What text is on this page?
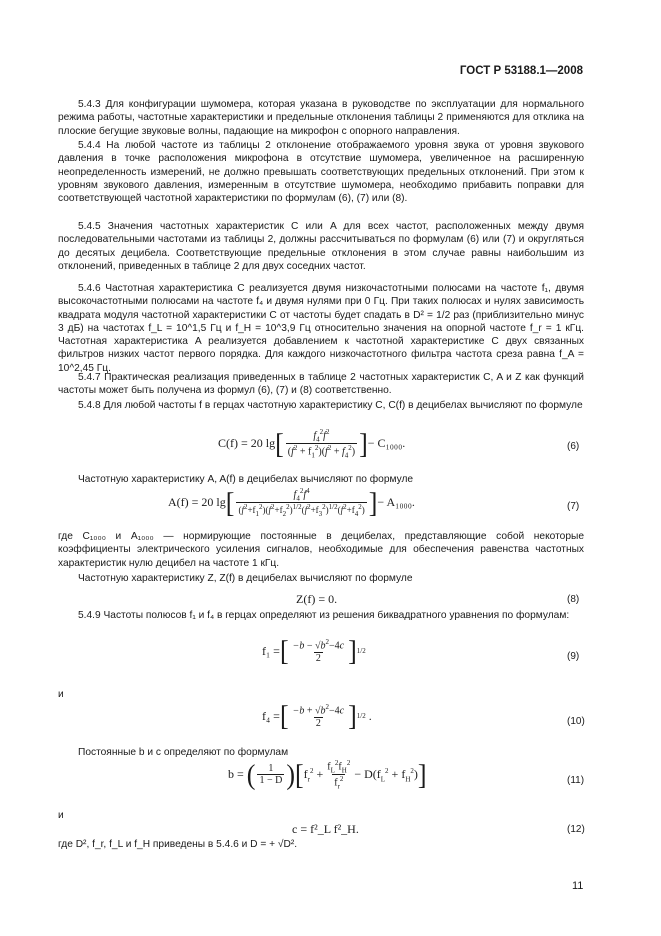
ГОСТ Р 53188.1—2008

5.4.3 Для конфигурации шумомера, которая указана в руководстве по эксплуатации для нормального режима работы, частотные характеристики и предельные отклонения таблицы 2 применяются для отклика на плоские бегущие звуковые волны, падающие на микрофон с опорного направления.

5.4.4 На любой частоте из таблицы 2 отклонение отображаемого уровня звука от уровня звукового давления в точке расположения микрофона в отсутствие шумомера, увеличенное на расширенную неопределенность измерений, не должно превышать соответствующих предельных отклонений. При этом к уровням звукового давления, измеренным в отсутствие шумомера, необходимо прибавить поправки для соответствующей частотной характеристики по формулам (6), (7) или (8).

5.4.5 Значения частотных характеристик C или A для всех частот, расположенных между двумя последовательными частотами из таблицы 2, должны рассчитываться по формулам (6) или (7) и округляться до десятых децибела. Соответствующие предельные отклонения в этом случае равны наибольшим из отклонений, приведенных в таблице 2 для двух соседних частот.

5.4.6 Частотная характеристика C реализуется двумя низкочастотными полюсами на частоте f₁, двумя высокочастотными полюсами на частоте f₄ и двумя нулями при 0 Гц. При таких полюсах и нулях зависимость квадрата модуля частотной характеристики C от частоты будет спадать в D² = 1/2 раз (приблизительно минус 3 дБ) на частотах f_L = 10^1,5 Гц и f_H = 10^3,9 Гц относительно значения на опорной частоте f_r = 1 кГц. Частотная характеристика A реализуется добавлением к частотной характеристике C двух связанных фильтров низких частот первого порядка. Для каждого низкочастотного фильтра частота среза равна f_A = 10^2,45 Гц.

5.4.7 Практическая реализация приведенных в таблице 2 частотных характеристик C, A и Z как функций частоты может быть получена из формул (6), (7) и (8) соответственно.

5.4.8 Для любой частоты f в герцах частотную характеристику C, C(f) в децибелах вычисляют по формуле

C(f) = 20 lg [ $\frac{f_4^2f^2}{(f^2 + f_1^2)(f^2 + f_4^2)}$ ] − C₁₀₀₀.	(6)

Частотную характеристику A, A(f) в децибелах вычисляют по формуле

A(f) = 20 lg [ $\frac{f_4^2f^4}{(f^2+f_1^2)(f^2+f_2^2)^{1/2}(f^2+f_3^2)^{1/2}(f^2+f_4^2)}$ ] − A₁₀₀₀.	(7)

где C₁₀₀₀ и A₁₀₀₀ — нормирующие постоянные в децибелах, представляющие собой некоторые коэффициенты электрического усиления сигналов, необходимые для обеспечения равенства частотных характеристик нулю децибел на частоте 1 кГц.

Частотную характеристику Z, Z(f) в децибелах вычисляют по формуле

Z(f) = 0.	(8)

5.4.9 Частоты полюсов f₁ и f₄ в герцах определяют из решения биквадратного уравнения по формулам:

f₁ = [ $\frac{-b - √b^2-4c}{2}$ ] 1/2	(9)
и
f₄ = [ $\frac{-b + √b^2-4c}{2}$ ] 1/2 .	(10)

Постоянные b и c определяют по формулам

b =
( $\frac{1}{1 - D}$ ) [ $f_r^2 + \frac{f_L^2f_H^2}{f_r^2} - D(f_L^2 + f_H^2)$ ]	(11)
и
c = f²_L f²_H.	(12)

где D², f_r, f_L и f_H приведены в 5.4.6 и D = + √D².

11
